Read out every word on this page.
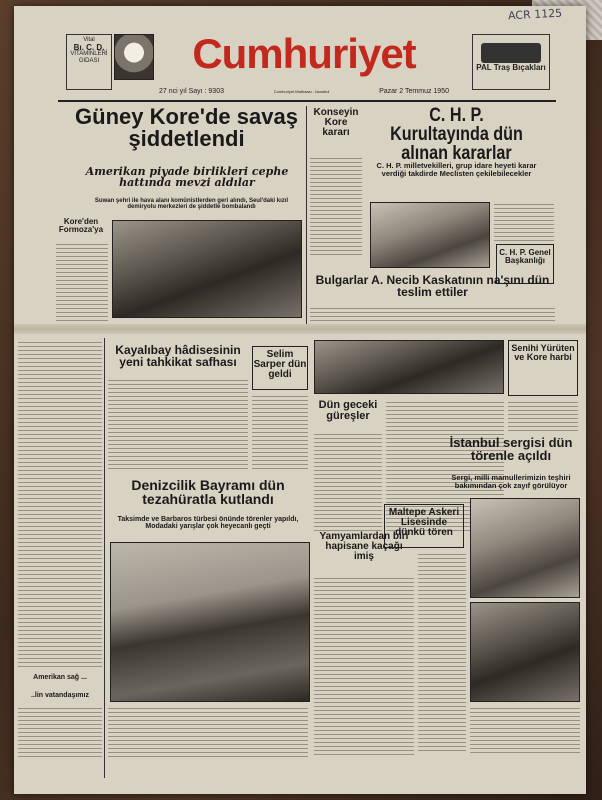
ACR 1125
Vital
Bı. C. D.
VİTAMİNLERİ
GIDASI	Cumhuriyet	PAL Traş Bıçakları
27 nci yıl Sayı : 9303	Cumhuriyet Matbaası - İstanbul	Pazar 2 Temmuz 1950
Güney Kore'de savaş şiddetlendi
Amerikan piyade birlikleri cephe hattında mevzi aldılar
Suwan şehri ile hava alanı komünistlerden geri alındı, Seul'daki kızıl demiryolu merkezleri de şiddetle bombalandı
Kore'den Formoza'ya
Konseyin Kore kararı
C. H. P. Kurultayında dün alınan kararlar
C. H. P. milletvekilleri, grup idare heyeti karar verdiği takdirde Meclisten çekilebilecekler
C. H. P. Genel Başkanlığı
Bulgarlar A. Necib Kaskatının na'şını dün teslim ettiler
Kayalıbay hâdisesinin yeni tahkikat safhası
Selim Sarper dün geldi
Senihi Yürüten ve Kore harbi
Dün geceki güreşler
İstanbul sergisi dün törenle açıldı
Sergi, milli mamullerimizin teşhiri bakımından çok zayıf görülüyor
Denizcilik Bayramı dün tezahüratla kutlandı
Taksimde ve Barbaros türbesi önünde törenler yapıldı, Modadaki yarışlar çok heyecanlı geçti
Yamyamlardan biri hapisane kaçağı imiş
Maltepe Askeri Lisesinde dünkü tören
Amerikan sağ ...
..lin vatandaşımız
